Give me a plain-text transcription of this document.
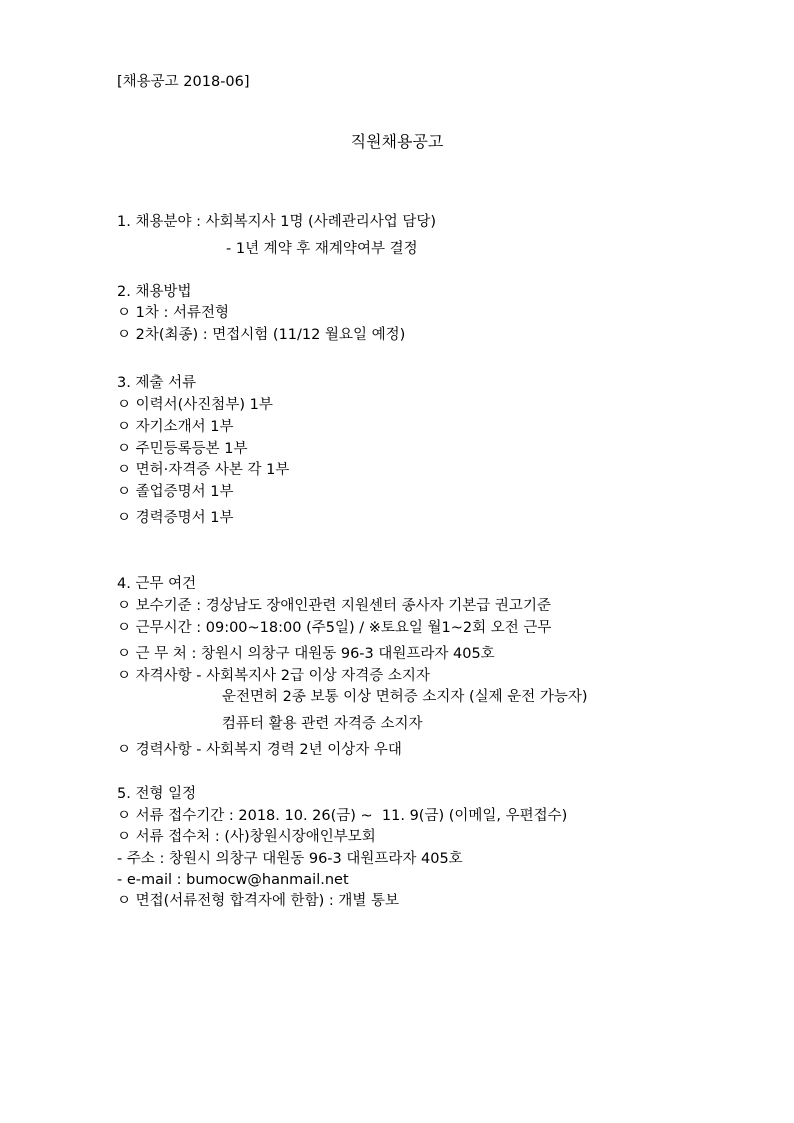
[채용공고 2018-06]
직원채용공고
1. 채용분야 : 사회복지사 1명 (사례관리사업 담당)
- 1년 계약 후 재계약여부 결정
2. 채용방법
ㅇ 1차 : 서류전형
ㅇ 2차(최종) : 면접시험 (11/12 월요일 예정)
3. 제출 서류
ㅇ 이력서(사진첨부) 1부
ㅇ 자기소개서 1부
ㅇ 주민등록등본 1부
ㅇ 면허·자격증 사본 각 1부
ㅇ 졸업증명서 1부
ㅇ 경력증명서 1부
4. 근무 여건
ㅇ 보수기준 : 경상남도 장애인관련 지원센터 종사자 기본급 권고기준
ㅇ 근무시간 : 09:00~18:00 (주5일) / ※토요일 월1~2회 오전 근무
ㅇ 근 무 처 : 창원시 의창구 대원동 96-3 대원프라자 405호
ㅇ 자격사항 - 사회복지사 2급 이상 자격증 소지자
운전면허 2종 보통 이상 면허증 소지자 (실제 운전 가능자)
컴퓨터 활용 관련 자격증 소지자
ㅇ 경력사항 - 사회복지 경력 2년 이상자 우대
5. 전형 일정
ㅇ 서류 접수기간 : 2018. 10. 26(금) ~  11. 9(금) (이메일, 우편접수)
ㅇ 서류 접수처 : (사)창원시장애인부모회
- 주소 : 창원시 의창구 대원동 96-3 대원프라자 405호
- e-mail : bumocw@hanmail.net
ㅇ 면접(서류전형 합격자에 한함) : 개별 통보
